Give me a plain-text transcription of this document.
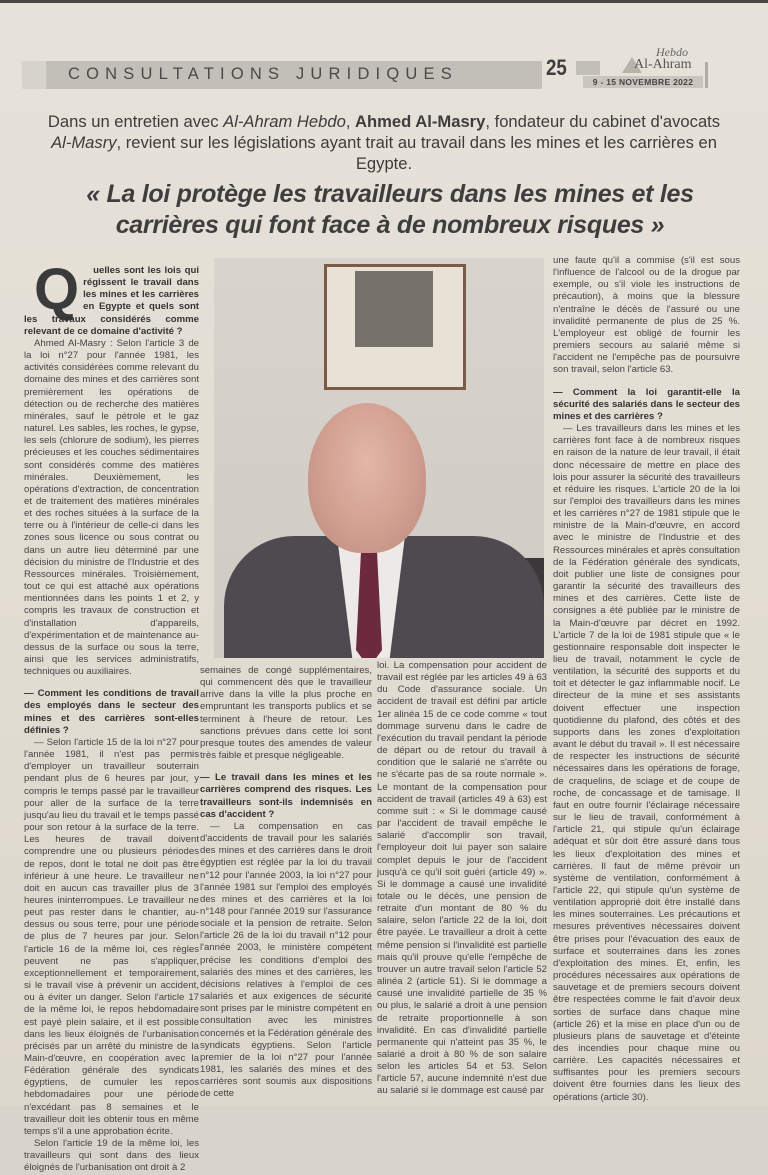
CONSULTATIONS JURIDIQUES	25
Hebdo
Al-Ahram
9 - 15 NOVEMBRE 2022
Dans un entretien avec Al-Ahram Hebdo, Ahmed Al-Masry, fondateur du cabinet d'avocats Al-Masry, revient sur les législations ayant trait au travail dans les mines et les carrières en Egypte.
« La loi protège les travailleurs dans les mines et les carrières qui font face à de nombreux risques »

Q uelles sont les lois qui régissent le travail dans les mines et les carrières en Egypte et quels sont les travaux considérés comme relevant de ce domaine d'activité ?

Ahmed Al-Masry : Selon l'article 3 de la loi n°27 pour l'année 1981, les activités considérées comme relevant du domaine des mines et des carrières sont premièrement les opérations de détection ou de recherche des matières minérales, sauf le pétrole et le gaz naturel. Les sables, les roches, le gypse, les sels (chlorure de sodium), les pierres précieuses et les couches sédimentaires sont considérés comme des matières minérales. Deuxièmement, les opérations d'extraction, de concentration et de traitement des matières minérales et des roches situées à la surface de la terre ou à l'intérieur de celle-ci dans les zones sous licence ou sous contrat ou dans un autre lieu déterminé par une décision du ministre de l'Industrie et des Ressources minérales. Troisièmement, tout ce qui est attaché aux opérations mentionnées dans les points 1 et 2, y compris les travaux de construction et d'installation d'appareils, d'expérimentation et de maintenance au-dessus de la surface ou sous la terre, ainsi que les services administratifs, techniques ou auxiliaires.

— Comment les conditions de travail des employés dans le secteur des mines et des carrières sont-elles définies ?

— Selon l'article 15 de la loi n°27 pour l'année 1981, il n'est pas permis d'employer un travailleur souterrain pendant plus de 6 heures par jour, y compris le temps passé par le travailleur pour aller de la surface de la terre jusqu'au lieu du travail et le temps passé pour son retour à la surface de la terre. Les heures de travail doivent comprendre une ou plusieurs périodes de repos, dont le total ne doit pas être inférieur à une heure. Le travailleur ne doit en aucun cas travailler plus de 3 heures ininterrompues. Le travailleur ne peut pas rester dans le chantier, au-dessus ou sous terre, pour une période de plus de 7 heures par jour. Selon l'article 16 de la même loi, ces règles peuvent ne pas s'appliquer, exceptionnellement et temporairement, si le travail vise à prévenir un accident, ou à éviter un danger. Selon l'article 17 de la même loi, le repos hebdomadaire est payé plein salaire, et il est possible dans les lieux éloignés de l'urbanisation précisés par un arrêté du ministre de la Main-d'œuvre, en coopération avec la Fédération générale des syndicats égyptiens, de cumuler les repos hebdomadaires pour une période n'excédant pas 8 semaines et le travailleur doit les obtenir tous en même temps s'il a une approbation écrite.

Selon l'article 19 de la même loi, les travailleurs qui sont dans des lieux éloignés de l'urbanisation ont droit à 2

semaines de congé supplémentaires, qui commencent dès que le travailleur arrive dans la ville la plus proche en empruntant les transports publics et se terminent à l'heure de retour. Les sanctions prévues dans cette loi sont presque toutes des amendes de valeur très faible et presque négligeable.

— Le travail dans les mines et les carrières comprend des risques. Les travailleurs sont-ils indemnisés en cas d'accident ?

— La compensation en cas d'accidents de travail pour les salariés des mines et des carrières dans le droit égyptien est réglée par la loi du travail n°12 pour l'année 2003, la loi n°27 pour l'année 1981 sur l'emploi des employés des mines et des carrières et la loi n°148 pour l'année 2019 sur l'assurance sociale et la pension de retraite. Selon l'article 26 de la loi du travail n°12 pour l'année 2003, le ministère compétent précise les conditions d'emploi des salariés des mines et des carrières, les décisions relatives à l'emploi de ces salariés et aux exigences de sécurité sont prises par le ministre compétent en consultation avec les ministres concernés et la Fédération générale des syndicats égyptiens. Selon l'article premier de la loi n°27 pour l'année 1981, les salariés des mines et des carrières sont soumis aux dispositions de cette

loi. La compensation pour accident de travail est réglée par les articles 49 à 63 du Code d'assurance sociale. Un accident de travail est défini par article 1er alinéa 15 de ce code comme « tout dommage survenu dans le cadre de l'exécution du travail pendant la période de départ ou de retour du travail à condition que le salarié ne s'arrête ou ne s'écarte pas de sa route normale ». Le montant de la compensation pour accident de travail (articles 49 à 63) est comme suit : « Si le dommage causé par l'accident de travail empêche le salarié d'accomplir son travail, l'employeur doit lui payer son salaire complet depuis le jour de l'accident jusqu'à ce qu'il soit guéri (article 49) ». Si le dommage a causé une invalidité totale ou le décès, une pension de retraite d'un montant de 80 % du salaire, selon l'article 22 de la loi, doit être payée. Le travailleur a droit à cette même pension si l'invalidité est partielle mais qu'il prouve qu'elle l'empêche de trouver un autre travail selon l'article 52 alinéa 2 (article 51). Si le dommage a causé une invalidité partielle de 35 % ou plus, le salarié a droit à une pension de retraite proportionnelle à son invalidité. En cas d'invalidité partielle permanente qui n'atteint pas 35 %, le salarié a droit à 80 % de son salaire selon les articles 54 et 53. Selon l'article 57, aucune indemnité n'est due au salarié si le dommage est causé par

une faute qu'il a commise (s'il est sous l'influence de l'alcool ou de la drogue par exemple, ou s'il viole les instructions de précaution), à moins que la blessure n'entraîne le décès de l'assuré ou une invalidité permanente de plus de 25 %. L'employeur est obligé de fournir les premiers secours au salarié même si l'accident ne l'empêche pas de poursuivre son travail, selon l'article 63.

— Comment la loi garantit-elle la sécurité des salariés dans le secteur des mines et des carrières ?

— Les travailleurs dans les mines et les carrières font face à de nombreux risques en raison de la nature de leur travail, il était donc nécessaire de mettre en place des lois pour assurer la sécurité des travailleurs et réduire les risques. L'article 20 de la loi sur l'emploi des travailleurs dans les mines et les carrières n°27 de 1981 stipule que le ministre de la Main-d'œuvre, en accord avec le ministre de l'Industrie et des Ressources minérales et après consultation de la Fédération générale des syndicats, doit publier une liste de consignes pour garantir la sécurité des travailleurs des mines et des carrières. Cette liste de consignes a été publiée par le ministre de la Main-d'œuvre par décret en 1992. L'article 7 de la loi de 1981 stipule que « le gestionnaire responsable doit inspecter le lieu de travail, notamment le cycle de ventilation, la sécurité des supports et du toit et détecter le gaz inflammable nocif. Le directeur de la mine et ses assistants doivent effectuer une inspection quotidienne du plafond, des côtés et des supports dans les zones d'exploitation avant le début du travail ». Il est nécessaire de respecter les instructions de sécurité nécessaires dans les opérations de forage, de craquelins, de sciage et de coupe de roche, de concassage et de tamisage. Il faut en outre fournir l'éclairage nécessaire sur le lieu de travail, conformément à l'article 21, qui stipule qu'un éclairage adéquat et sûr doit être assuré dans tous les lieux d'exploitation des mines et carrières. Il faut de même prévoir un système de ventilation, conformément à l'article 22, qui stipule qu'un système de ventilation approprié doit être installé dans les mines souterraines. Les précautions et mesures préventives nécessaires doivent être prises pour l'évacuation des eaux de surface et souterraines dans les zones d'exploitation des mines. Et, enfin, les procédures nécessaires aux opérations de sauvetage et de premiers secours doivent être respectées comme le fait d'avoir deux sorties de surface dans chaque mine (article 26) et la mise en place d'un ou de plusieurs plans de sauvetage et d'éteinte des incendies pour chaque mine ou carrière. Les capacités nécessaires et suffisantes pour les premiers secours doivent être fournies dans les lieux des opérations (article 30).
